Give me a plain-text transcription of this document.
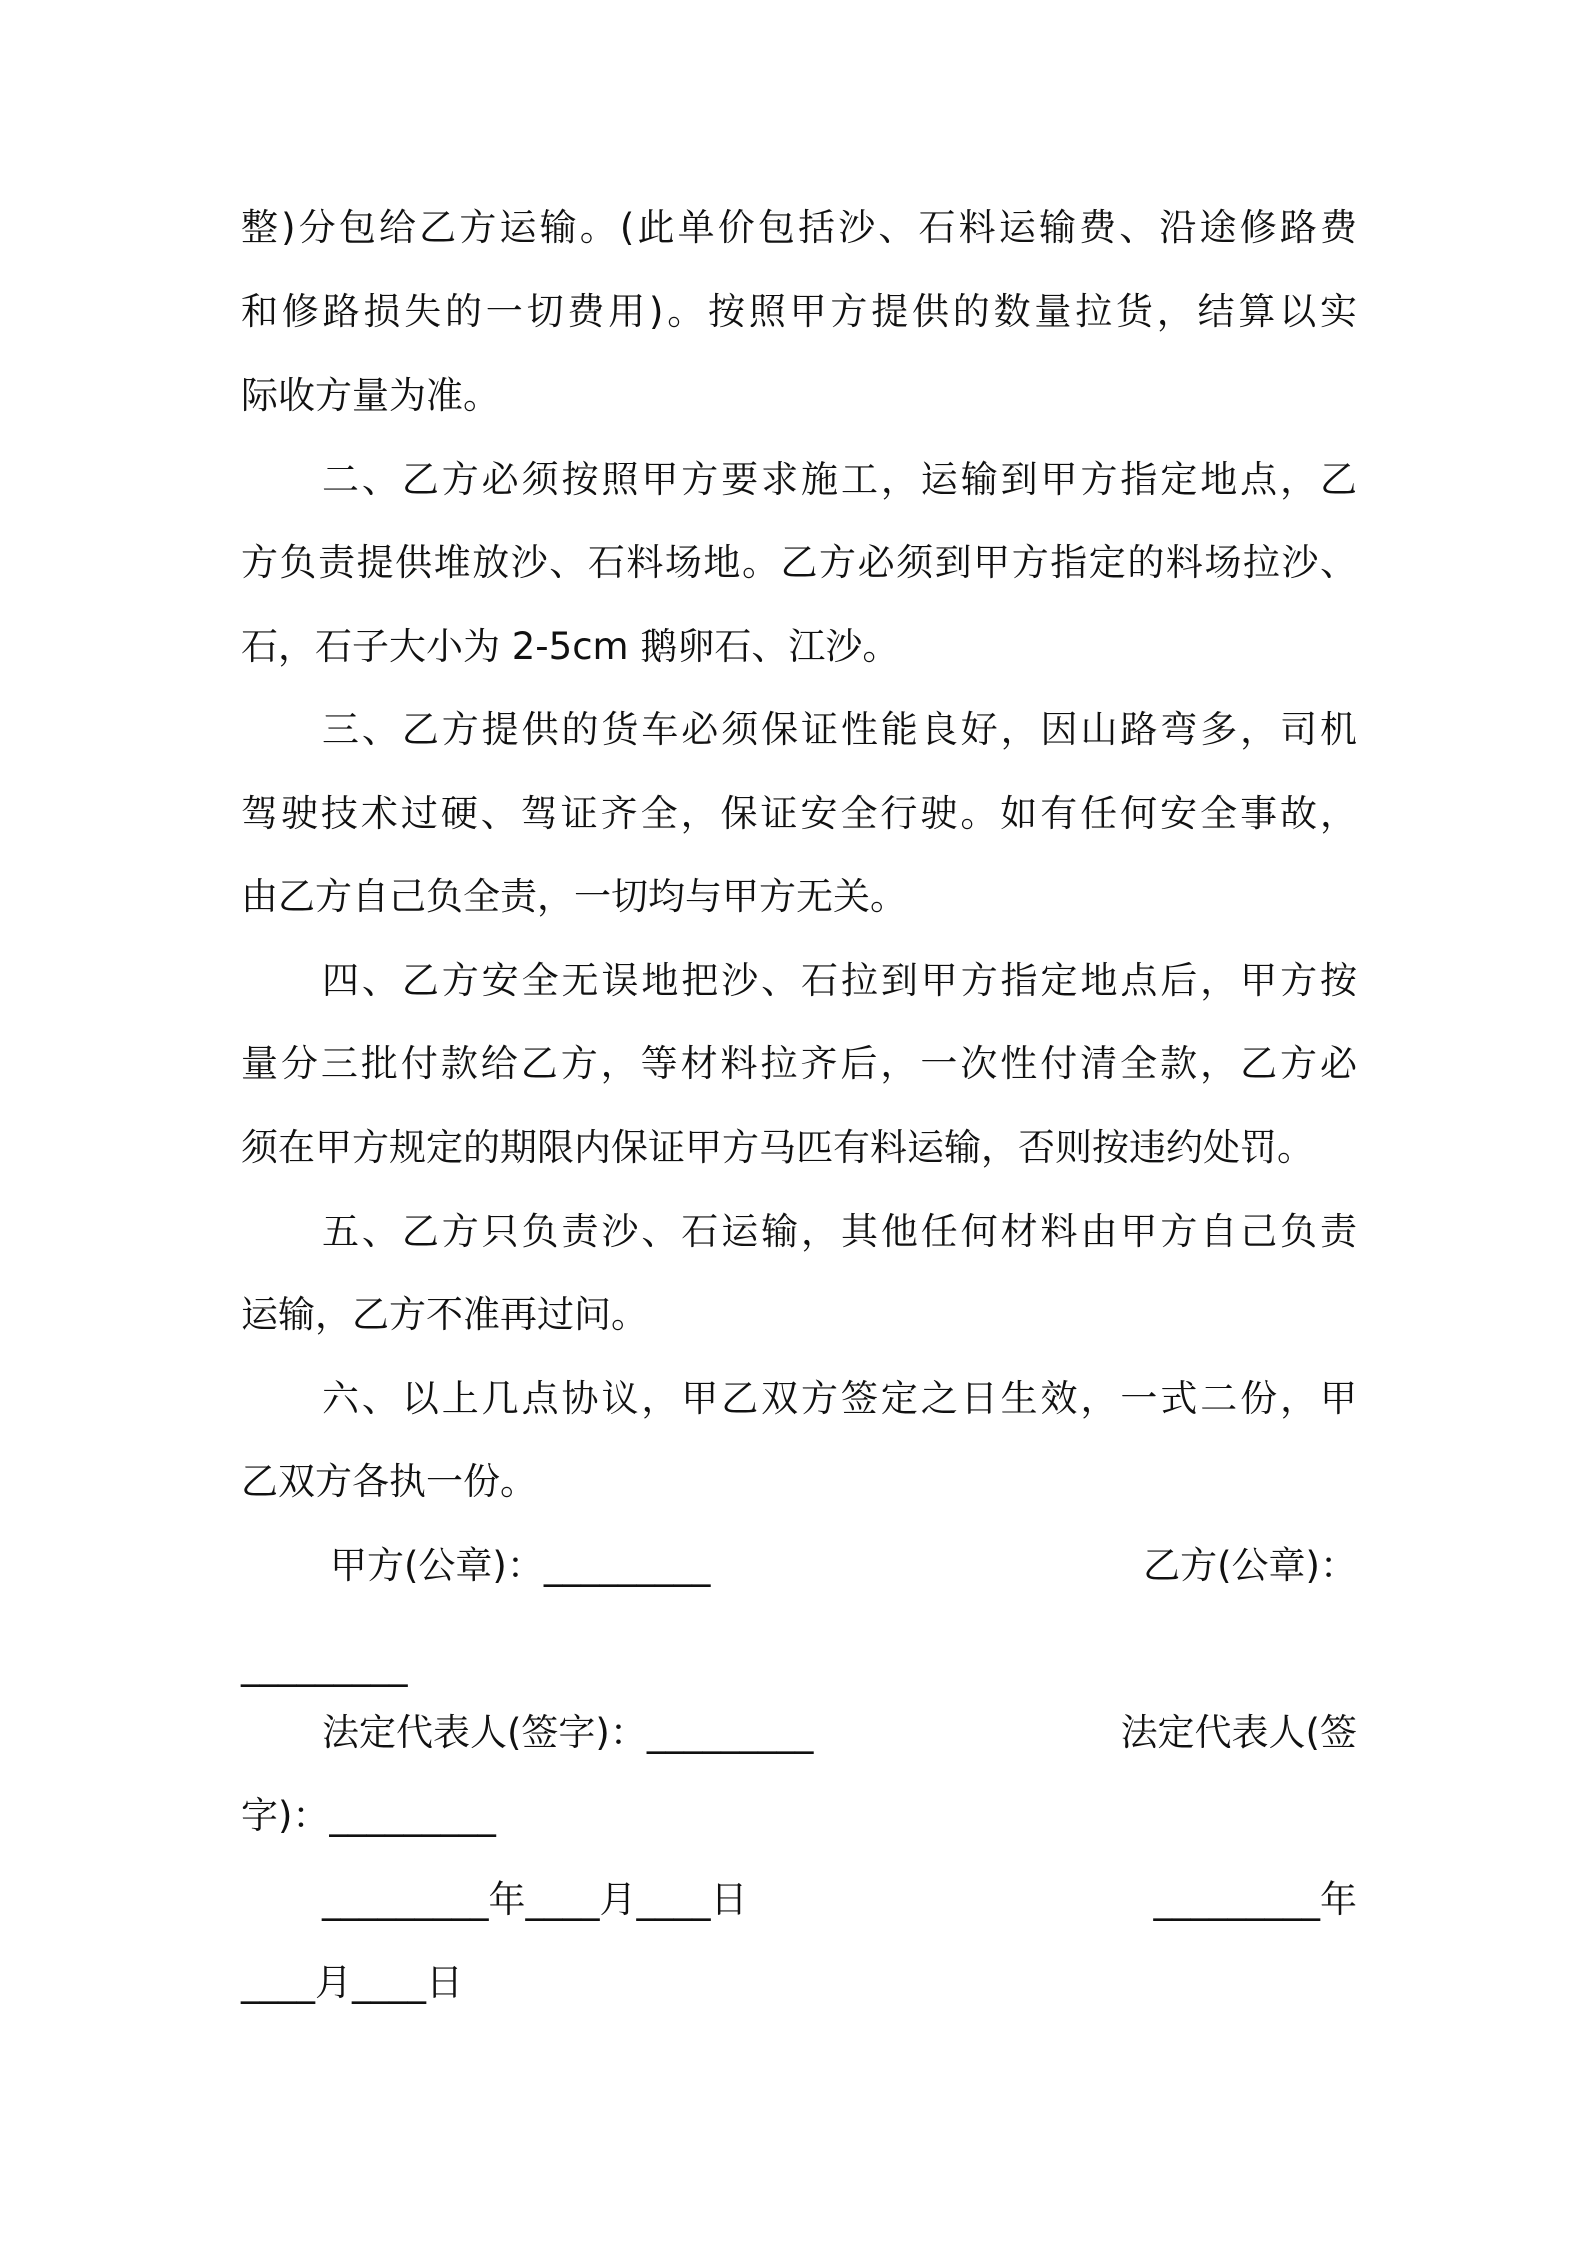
整)分包给乙方运输。(此单价包括沙、石料运输费、沿途修路费
和修路损失的一切费用)。按照甲方提供的数量拉货，结算以实
际收方量为准。
二、乙方必须按照甲方要求施工，运输到甲方指定地点，乙
方负责提供堆放沙、石料场地。乙方必须到甲方指定的料场拉沙、
石，石子大小为 2-5cm 鹅卵石、江沙。
三、乙方提供的货车必须保证性能良好，因山路弯多，司机
驾驶技术过硬、驾证齐全，保证安全行驶。如有任何安全事故，
由乙方自己负全责，一切均与甲方无关。
四、乙方安全无误地把沙、石拉到甲方指定地点后，甲方按
量分三批付款给乙方，等材料拉齐后，一次性付清全款，乙方必
须在甲方规定的期限内保证甲方马匹有料运输，否则按违约处罚。
五、乙方只负责沙、石运输，其他任何材料由甲方自己负责
运输，乙方不准再过问。
六、以上几点协议，甲乙双方签定之日生效，一式二份，甲
乙双方各执一份。
甲方(公章)：_________	乙方(公章)：
_________
法定代表人(签字)：_________	法定代表人(签
字)：_________
_________年____月____日	_________年
____月____日
